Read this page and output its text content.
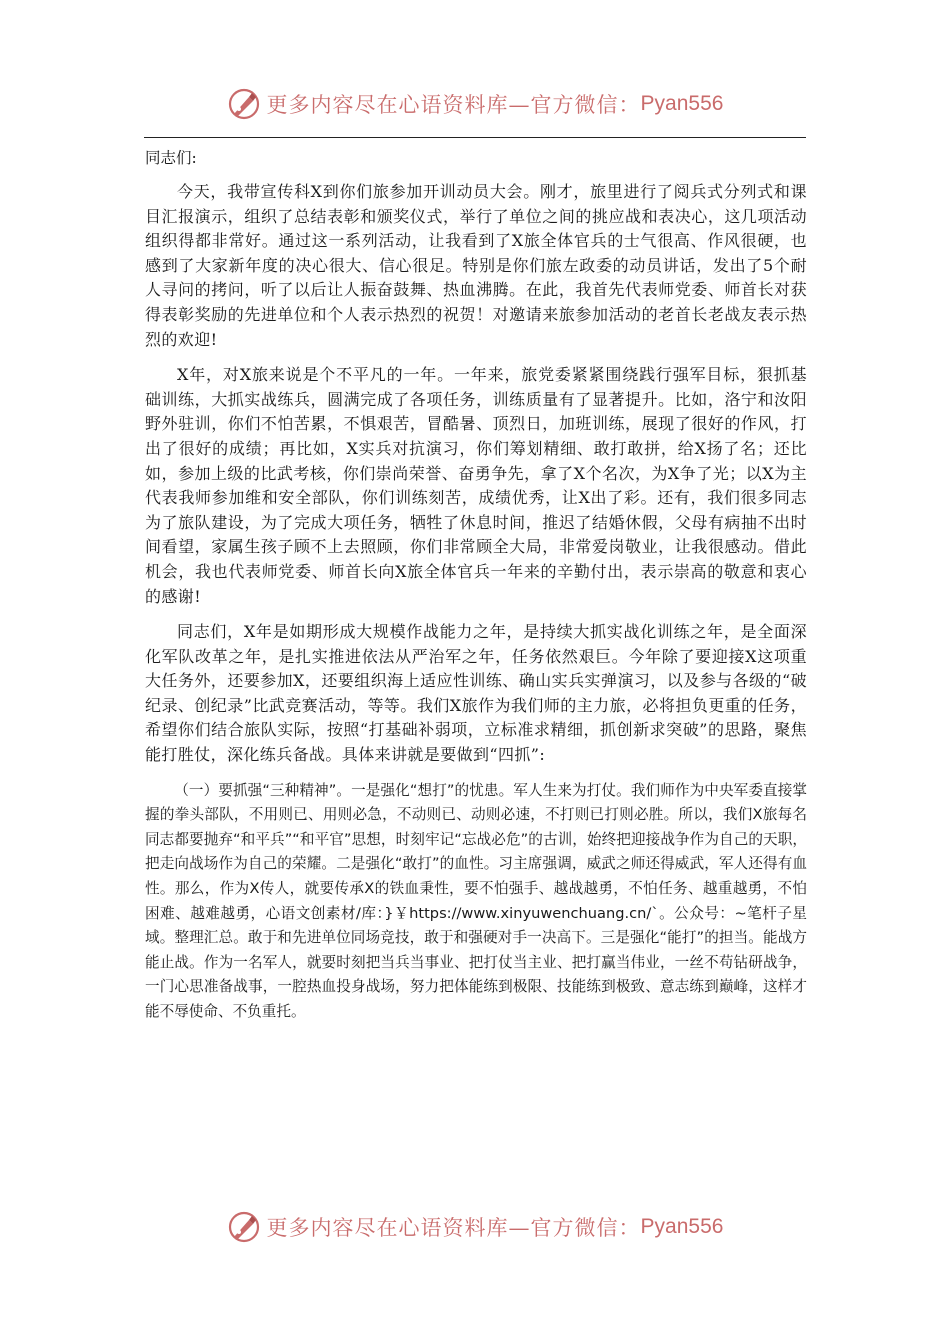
更多内容尽在心语资料库—官方微信： Pyan556

同志们:

今天，我带宣传科X到你们旅参加开训动员大会。刚才，旅里进行了阅兵式分列式和课目汇报演示，组织了总结表彰和颁奖仪式，举行了单位之间的挑应战和表决心，这几项活动组织得都非常好。通过这一系列活动，让我看到了X旅全体官兵的士气很高、作风很硬，也感到了大家新年度的决心很大、信心很足。特别是你们旅左政委的动员讲话，发出了5个耐人寻问的拷问，听了以后让人振奋鼓舞、热血沸腾。在此，我首先代表师党委、师首长对获得表彰奖励的先进单位和个人表示热烈的祝贺！对邀请来旅参加活动的老首长老战友表示热烈的欢迎!

X年，对X旅来说是个不平凡的一年。一年来，旅党委紧紧围绕践行强军目标，狠抓基础训练，大抓实战练兵，圆满完成了各项任务，训练质量有了显著提升。比如，洛宁和汝阳野外驻训，你们不怕苦累，不惧艰苦，冒酷暑、顶烈日，加班训练，展现了很好的作风，打出了很好的成绩；再比如，X实兵对抗演习，你们筹划精细、敢打敢拼，给X扬了名；还比如，参加上级的比武考核，你们崇尚荣誉、奋勇争先，拿了X个名次，为X争了光；以X为主代表我师参加维和安全部队，你们训练刻苦，成绩优秀，让X出了彩。还有，我们很多同志为了旅队建设，为了完成大项任务，牺牲了休息时间，推迟了结婚休假，父母有病抽不出时间看望，家属生孩子顾不上去照顾，你们非常顾全大局，非常爱岗敬业，让我很感动。借此机会，我也代表师党委、师首长向X旅全体官兵一年来的辛勤付出，表示崇高的敬意和衷心的感谢!

同志们，X年是如期形成大规模作战能力之年，是持续大抓实战化训练之年，是全面深化军队改革之年，是扎实推进依法从严治军之年，任务依然艰巨。今年除了要迎接X这项重大任务外，还要参加X，还要组织海上适应性训练、确山实兵实弹演习，以及参与各级的“破纪录、创纪录”比武竞赛活动，等等。我们X旅作为我们师的主力旅，必将担负更重的任务，希望你们结合旅队实际，按照“打基础补弱项，立标准求精细，抓创新求突破”的思路，聚焦能打胜仗，深化练兵备战。具体来讲就是要做到“四抓”:

（一）要抓强“三种精神”。一是强化“想打”的忧患。军人生来为打仗。我们师作为中央军委直接掌握的拳头部队，不用则已、用则必急，不动则已、动则必速，不打则已打则必胜。所以，我们X旅每名同志都要抛弃“和平兵”“和平官”思想，时刻牢记“忘战必危”的古训，始终把迎接战争作为自己的天职，把走向战场作为自己的荣耀。二是强化“敢打”的血性。习主席强调，威武之师还得威武，军人还得有血性。那么，作为X传人，就要传承X的铁血秉性，要不怕强手、越战越勇，不怕任务、越重越勇，不怕困难、越难越勇，心语文创素材/库：}￥https://www.xinyuwenchuang.cn/`。公众号：~笔杆子星域。整理汇总。敢于和先进单位同场竞技，敢于和强硬对手一决高下。三是强化“能打”的担当。能战方能止战。作为一名军人，就要时刻把当兵当事业、把打仗当主业、把打赢当伟业，一丝不苟钻研战争，一门心思准备战事，一腔热血投身战场，努力把体能练到极限、技能练到极致、意志练到巅峰，这样才能不辱使命、不负重托。

更多内容尽在心语资料库—官方微信： Pyan556
